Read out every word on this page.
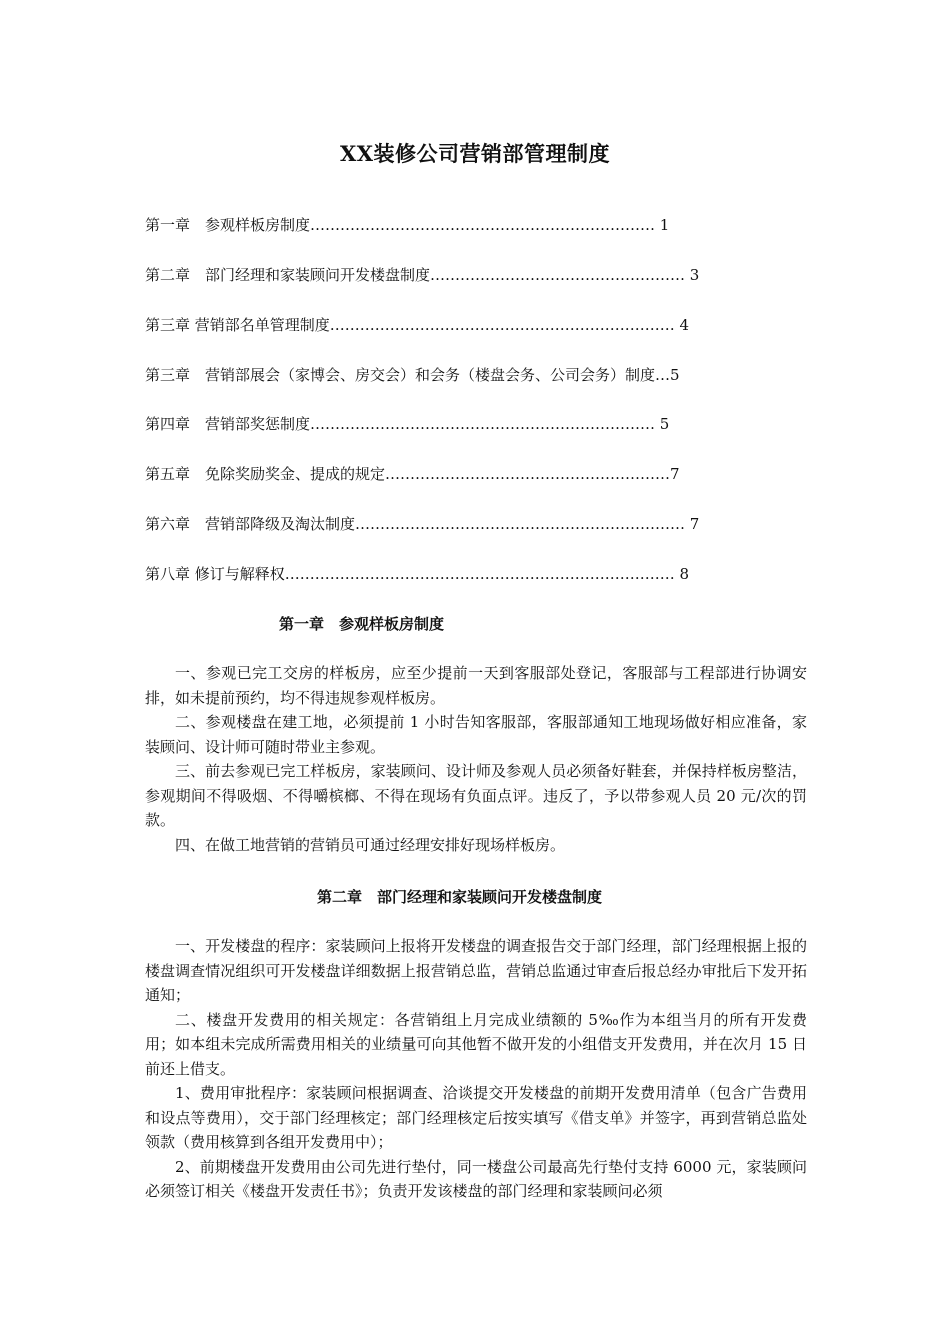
XX装修公司营销部管理制度
第一章　参观样板房制度…………………………………………………………… 1
第二章　部门经理和家装顾问开发楼盘制度…………………………………………… 3
第三章 营销部名单管理制度…………………………………………………………… 4
第三章　营销部展会（家博会、房交会）和会务（楼盘会务、公司会务）制度…5
第四章　营销部奖惩制度…………………………………………………………… 5
第五章　免除奖励奖金、提成的规定…………………………………………………7
第六章　营销部降级及淘汰制度………………………………………………………… 7
第八章 修订与解释权…………………………………………………………………… 8
第一章　参观样板房制度

一、参观已完工交房的样板房，应至少提前一天到客服部处登记，客服部与工程部进行协调安排，如未提前预约，均不得违规参观样板房。

二、参观楼盘在建工地，必须提前 1 小时告知客服部，客服部通知工地现场做好相应准备，家装顾问、设计师可随时带业主参观。

三、前去参观已完工样板房，家装顾问、设计师及参观人员必须备好鞋套，并保持样板房整洁，参观期间不得吸烟、不得嚼槟榔、不得在现场有负面点评。违反了，予以带参观人员 20 元/次的罚款。

四、在做工地营销的营销员可通过经理安排好现场样板房。

第二章　部门经理和家装顾问开发楼盘制度

一、开发楼盘的程序：家装顾问上报将开发楼盘的调查报告交于部门经理，部门经理根据上报的楼盘调查情况组织可开发楼盘详细数据上报营销总监，营销总监通过审查后报总经办审批后下发开拓通知；

二、楼盘开发费用的相关规定：各营销组上月完成业绩额的 5‰作为本组当月的所有开发费用；如本组未完成所需费用相关的业绩量可向其他暂不做开发的小组借支开发费用，并在次月 15 日前还上借支。

1、费用审批程序：家装顾问根据调查、洽谈提交开发楼盘的前期开发费用清单（包含广告费用和设点等费用），交于部门经理核定；部门经理核定后按实填写《借支单》并签字，再到营销总监处领款（费用核算到各组开发费用中）；

2、前期楼盘开发费用由公司先进行垫付，同一楼盘公司最高先行垫付支持 6000 元，家装顾问必须签订相关《楼盘开发责任书》；负责开发该楼盘的部门经理和家装顾问必须
